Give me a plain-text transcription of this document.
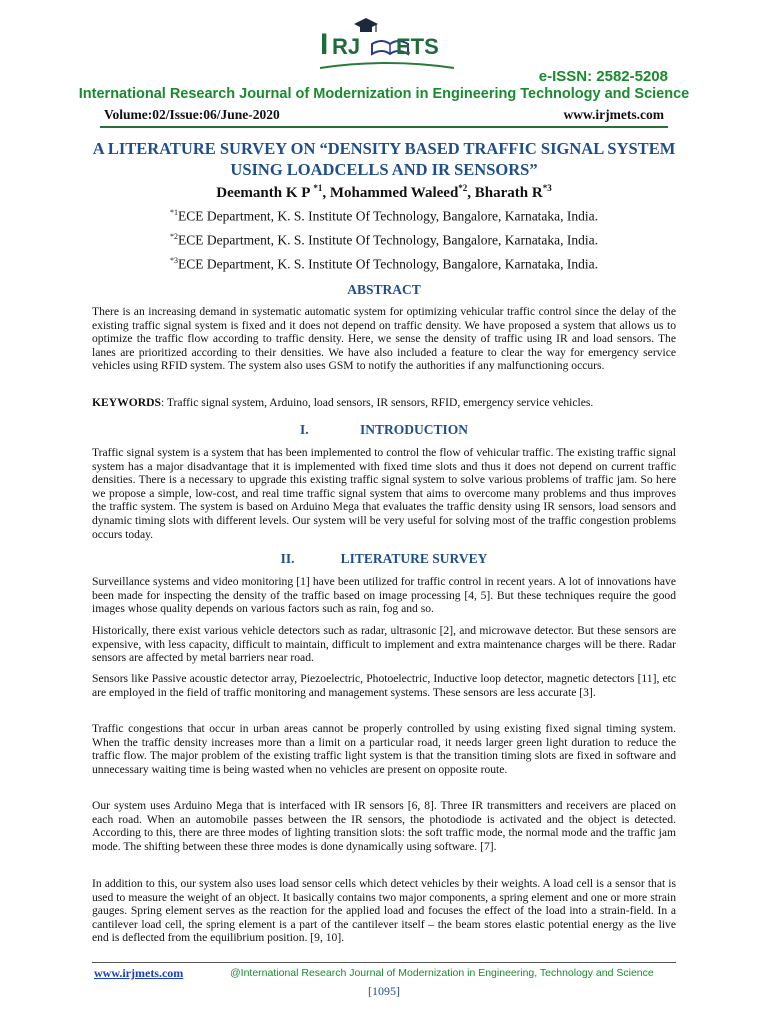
I RJ ETS
e-ISSN: 2582-5208
International Research Journal of Modernization in Engineering Technology and Science
Volume:02/Issue:06/June-2020	www.irjmets.com
A LITERATURE SURVEY ON “DENSITY BASED TRAFFIC SIGNAL SYSTEM USING LOADCELLS AND IR SENSORS”
Deemanth K P $^{*1}$, Mohammed Waleed$^{*2}$, Bharath $R^{*3}$
$^{*1}$ECE Department, K. S. Institute Of Technology, Bangalore, Karnataka, India.
$^{*2}$ECE Department, K. S. Institute Of Technology, Bangalore, Karnataka, India.
$^{*3}$ECE Department, K. S. Institute Of Technology, Bangalore, Karnataka, India.
ABSTRACT
There is an increasing demand in systematic automatic system for optimizing vehicular traffic control since the delay of the existing traffic signal system is fixed and it does not depend on traffic density. We have proposed a system that allows us to optimize the traffic flow according to traffic density. Here, we sense the density of traffic using IR and load sensors. The lanes are prioritized according to their densities. We have also included a feature to clear the way for emergency service vehicles using RFID system. The system also uses GSM to notify the authorities if any malfunctioning occurs.
KEYWORDS: Traffic signal system, Arduino, load sensors, IR sensors, RFID, emergency service vehicles.
I.	INTRODUCTION
Traffic signal system is a system that has been implemented to control the flow of vehicular traffic. The existing traffic signal system has a major disadvantage that it is implemented with fixed time slots and thus it does not depend on current traffic densities. There is a necessary to upgrade this existing traffic signal system to solve various problems of traffic jam. So here we propose a simple, low-cost, and real time traffic signal system that aims to overcome many problems and thus improves the traffic system. The system is based on Arduino Mega that evaluates the traffic density using IR sensors, load sensors and dynamic timing slots with different levels. Our system will be very useful for solving most of the traffic congestion problems occurs today.
II.	LITERATURE SURVEY
Surveillance systems and video monitoring [1] have been utilized for traffic control in recent years. A lot of innovations have been made for inspecting the density of the traffic based on image processing [4, 5]. But these techniques require the good images whose quality depends on various factors such as rain, fog and so.
Historically, there exist various vehicle detectors such as radar, ultrasonic [2], and microwave detector. But these sensors are expensive, with less capacity, difficult to maintain, difficult to implement and extra maintenance charges will be there. Radar sensors are affected by metal barriers near road.
Sensors like Passive acoustic detector array, Piezoelectric, Photoelectric, Inductive loop detector, magnetic detectors [11], etc are employed in the field of traffic monitoring and management systems. These sensors are less accurate [3].
Traffic congestions that occur in urban areas cannot be properly controlled by using existing fixed signal timing system. When the traffic density increases more than a limit on a particular road, it needs larger green light duration to reduce the traffic flow. The major problem of the existing traffic light system is that the transition timing slots are fixed in software and unnecessary waiting time is being wasted when no vehicles are present on opposite route.
Our system uses Arduino Mega that is interfaced with IR sensors [6, 8]. Three IR transmitters and receivers are placed on each road. When an automobile passes between the IR sensors, the photodiode is activated and the object is detected. According to this, there are three modes of lighting transition slots: the soft traffic mode, the normal mode and the traffic jam mode. The shifting between these three modes is done dynamically using software. [7].
In addition to this, our system also uses load sensor cells which detect vehicles by their weights. A load cell is a sensor that is used to measure the weight of an object. It basically contains two major components, a spring element and one or more strain gauges. Spring element serves as the reaction for the applied load and focuses the effect of the load into a strain-field. In a cantilever load cell, the spring element is a part of the cantilever itself – the beam stores elastic potential energy as the live end is deflected from the equilibrium position. [9, 10].
www.irjmets.com	@International Research Journal of Modernization in Engineering, Technology and Science
[1095]
